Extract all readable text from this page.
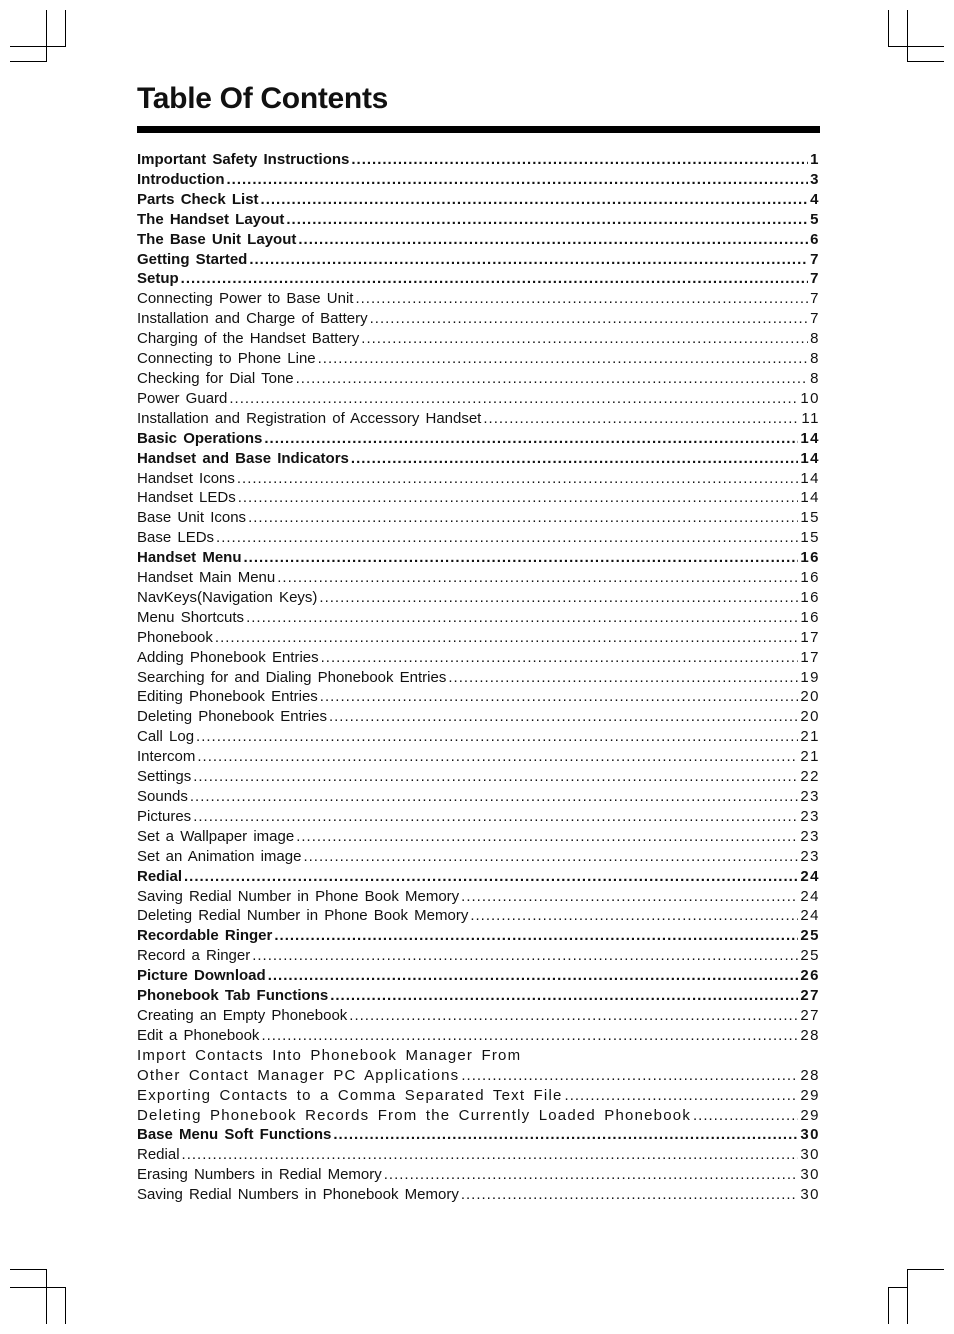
Table Of Contents
Important Safety Instructions .....	1
Introduction .....	3
Parts Check List .....	4
The Handset Layout .....	5
The Base Unit Layout .....	6
Getting Started .....	7
Setup .....	7
Connecting Power to Base Unit .....	7
Installation and Charge of Battery .....	7
Charging of the Handset Battery .....	8
Connecting to Phone Line .....	8
Checking for Dial Tone .....	8
Power Guard .....	10
Installation and Registration of Accessory Handset .....	11
Basic Operations .....	14
Handset and Base Indicators .....	14
Handset Icons .....	14
Handset LEDs .....	14
Base Unit Icons .....	15
Base LEDs .....	15
Handset Menu .....	16
Handset Main Menu .....	16
NavKeys(Navigation Keys) .....	16
Menu Shortcuts .....	16
Phonebook .....	17
Adding Phonebook Entries .....	17
Searching for and Dialing Phonebook Entries .....	19
Editing Phonebook Entries .....	20
Deleting Phonebook Entries .....	20
Call Log .....	21
Intercom .....	21
Settings .....	22
Sounds .....	23
Pictures .....	23
Set a Wallpaper image .....	23
Set an Animation image .....	23
Redial .....	24
Saving Redial Number in Phone Book Memory .....	24
Deleting Redial Number in Phone Book Memory .....	24
Recordable Ringer .....	25
Record a Ringer .....	25
Picture Download .....	26
Phonebook Tab Functions .....	27
Creating an Empty Phonebook .....	27
Edit a Phonebook .....	28
Import Contacts Into Phonebook Manager From
Other Contact Manager PC Applications .....	28
Exporting Contacts to a Comma Separated Text File .....	29
Deleting Phonebook Records From the Currently Loaded Phonebook .....	29
Base Menu Soft Functions .....	30
Redial .....	30
Erasing Numbers in Redial Memory .....	30
Saving Redial Numbers in Phonebook Memory .....	30
